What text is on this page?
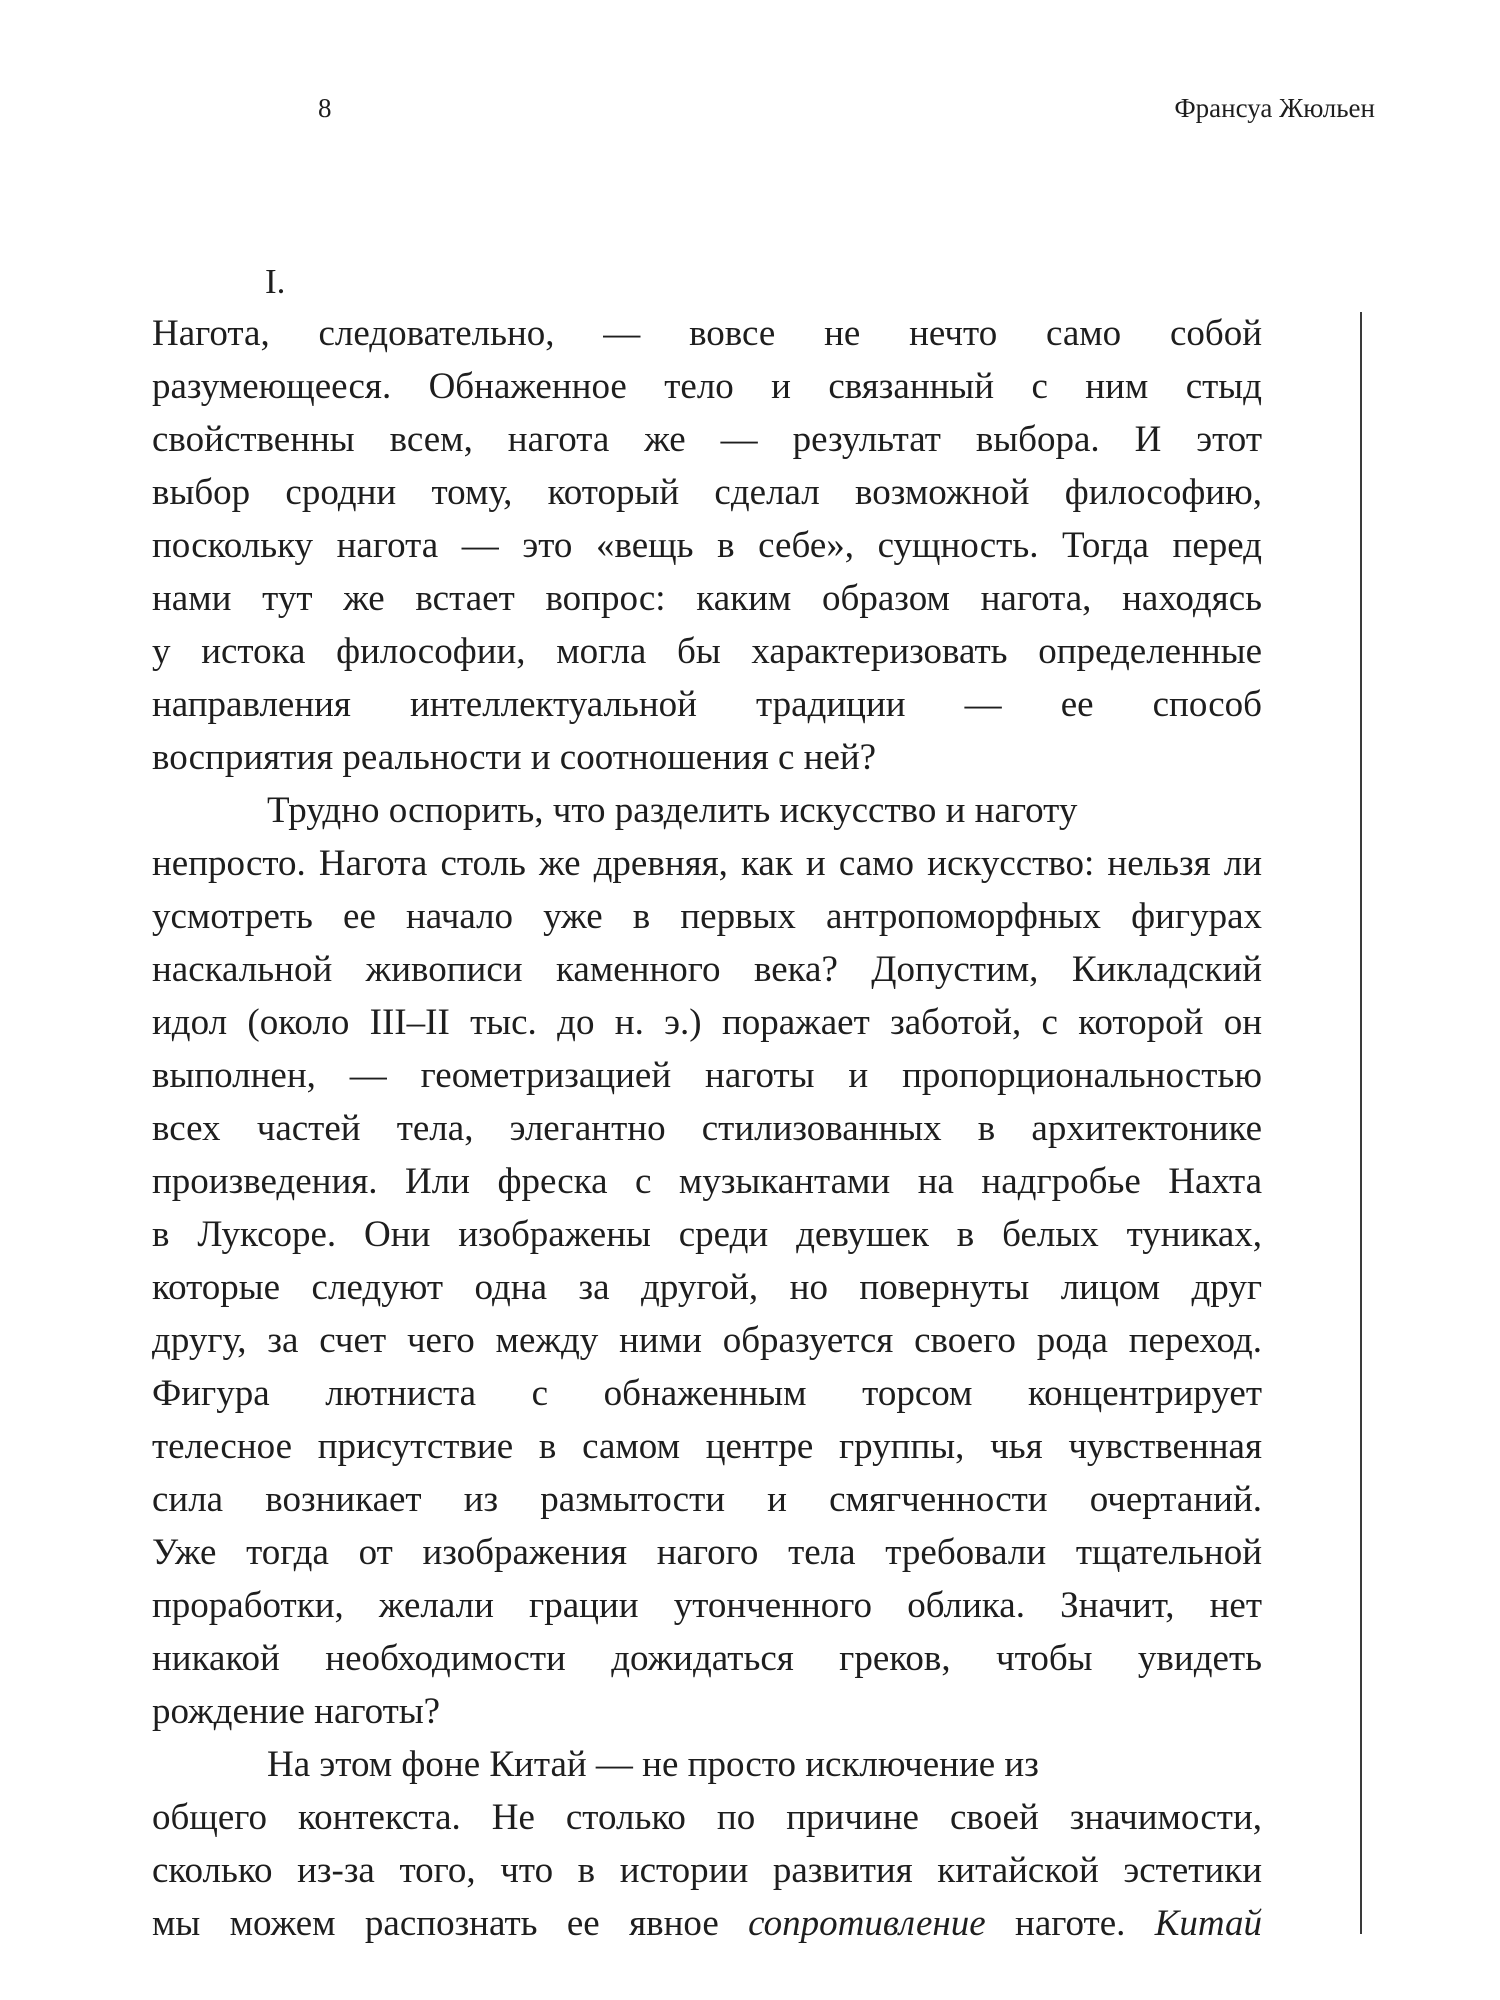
8	Франсуа Жюльен
I.
Нагота, следовательно, — вовсе не нечто само собой
разумеющееся. Обнаженное тело и связанный с ним стыд
свойственны всем, нагота же — результат выбора. И этот
выбор сродни тому, который сделал возможной философию,
поскольку нагота — это «вещь в себе», сущность. Тогда перед
нами тут же встает вопрос: каким образом нагота, находясь
у истока философии, могла бы характеризовать определенные
направления интеллектуальной традиции — ее способ
восприятия реальности и соотношения с ней?
Трудно оспорить, что разделить искусство и наготу
непросто. Нагота столь же древняя, как и само искусство: нельзя ли
усмотреть ее начало уже в первых антропоморфных фигурах
наскальной живописи каменного века? Допустим, Кикладский
идол (около III–II тыс. до н. э.) поражает заботой, с которой он
выполнен, — геометризацией наготы и пропорциональностью
всех частей тела, элегантно стилизованных в архитектонике
произведения. Или фреска с музыкантами на надгробье Нахта
в Луксоре. Они изображены среди девушек в белых туниках,
которые следуют одна за другой, но повернуты лицом друг
другу, за счет чего между ними образуется своего рода переход.
Фигура лютниста с обнаженным торсом концентрирует
телесное присутствие в самом центре группы, чья чувственная
сила возникает из размытости и смягченности очертаний.
Уже тогда от изображения нагого тела требовали тщательной
проработки, желали грации утонченного облика. Значит, нет
никакой необходимости дожидаться греков, чтобы увидеть
рождение наготы?
На этом фоне Китай — не просто исключение из
общего контекста. Не столько по причине своей значимости,
сколько из-за того, что в истории развития китайской эстетики
мы можем распознать ее явное сопротивление наготе. Китай
